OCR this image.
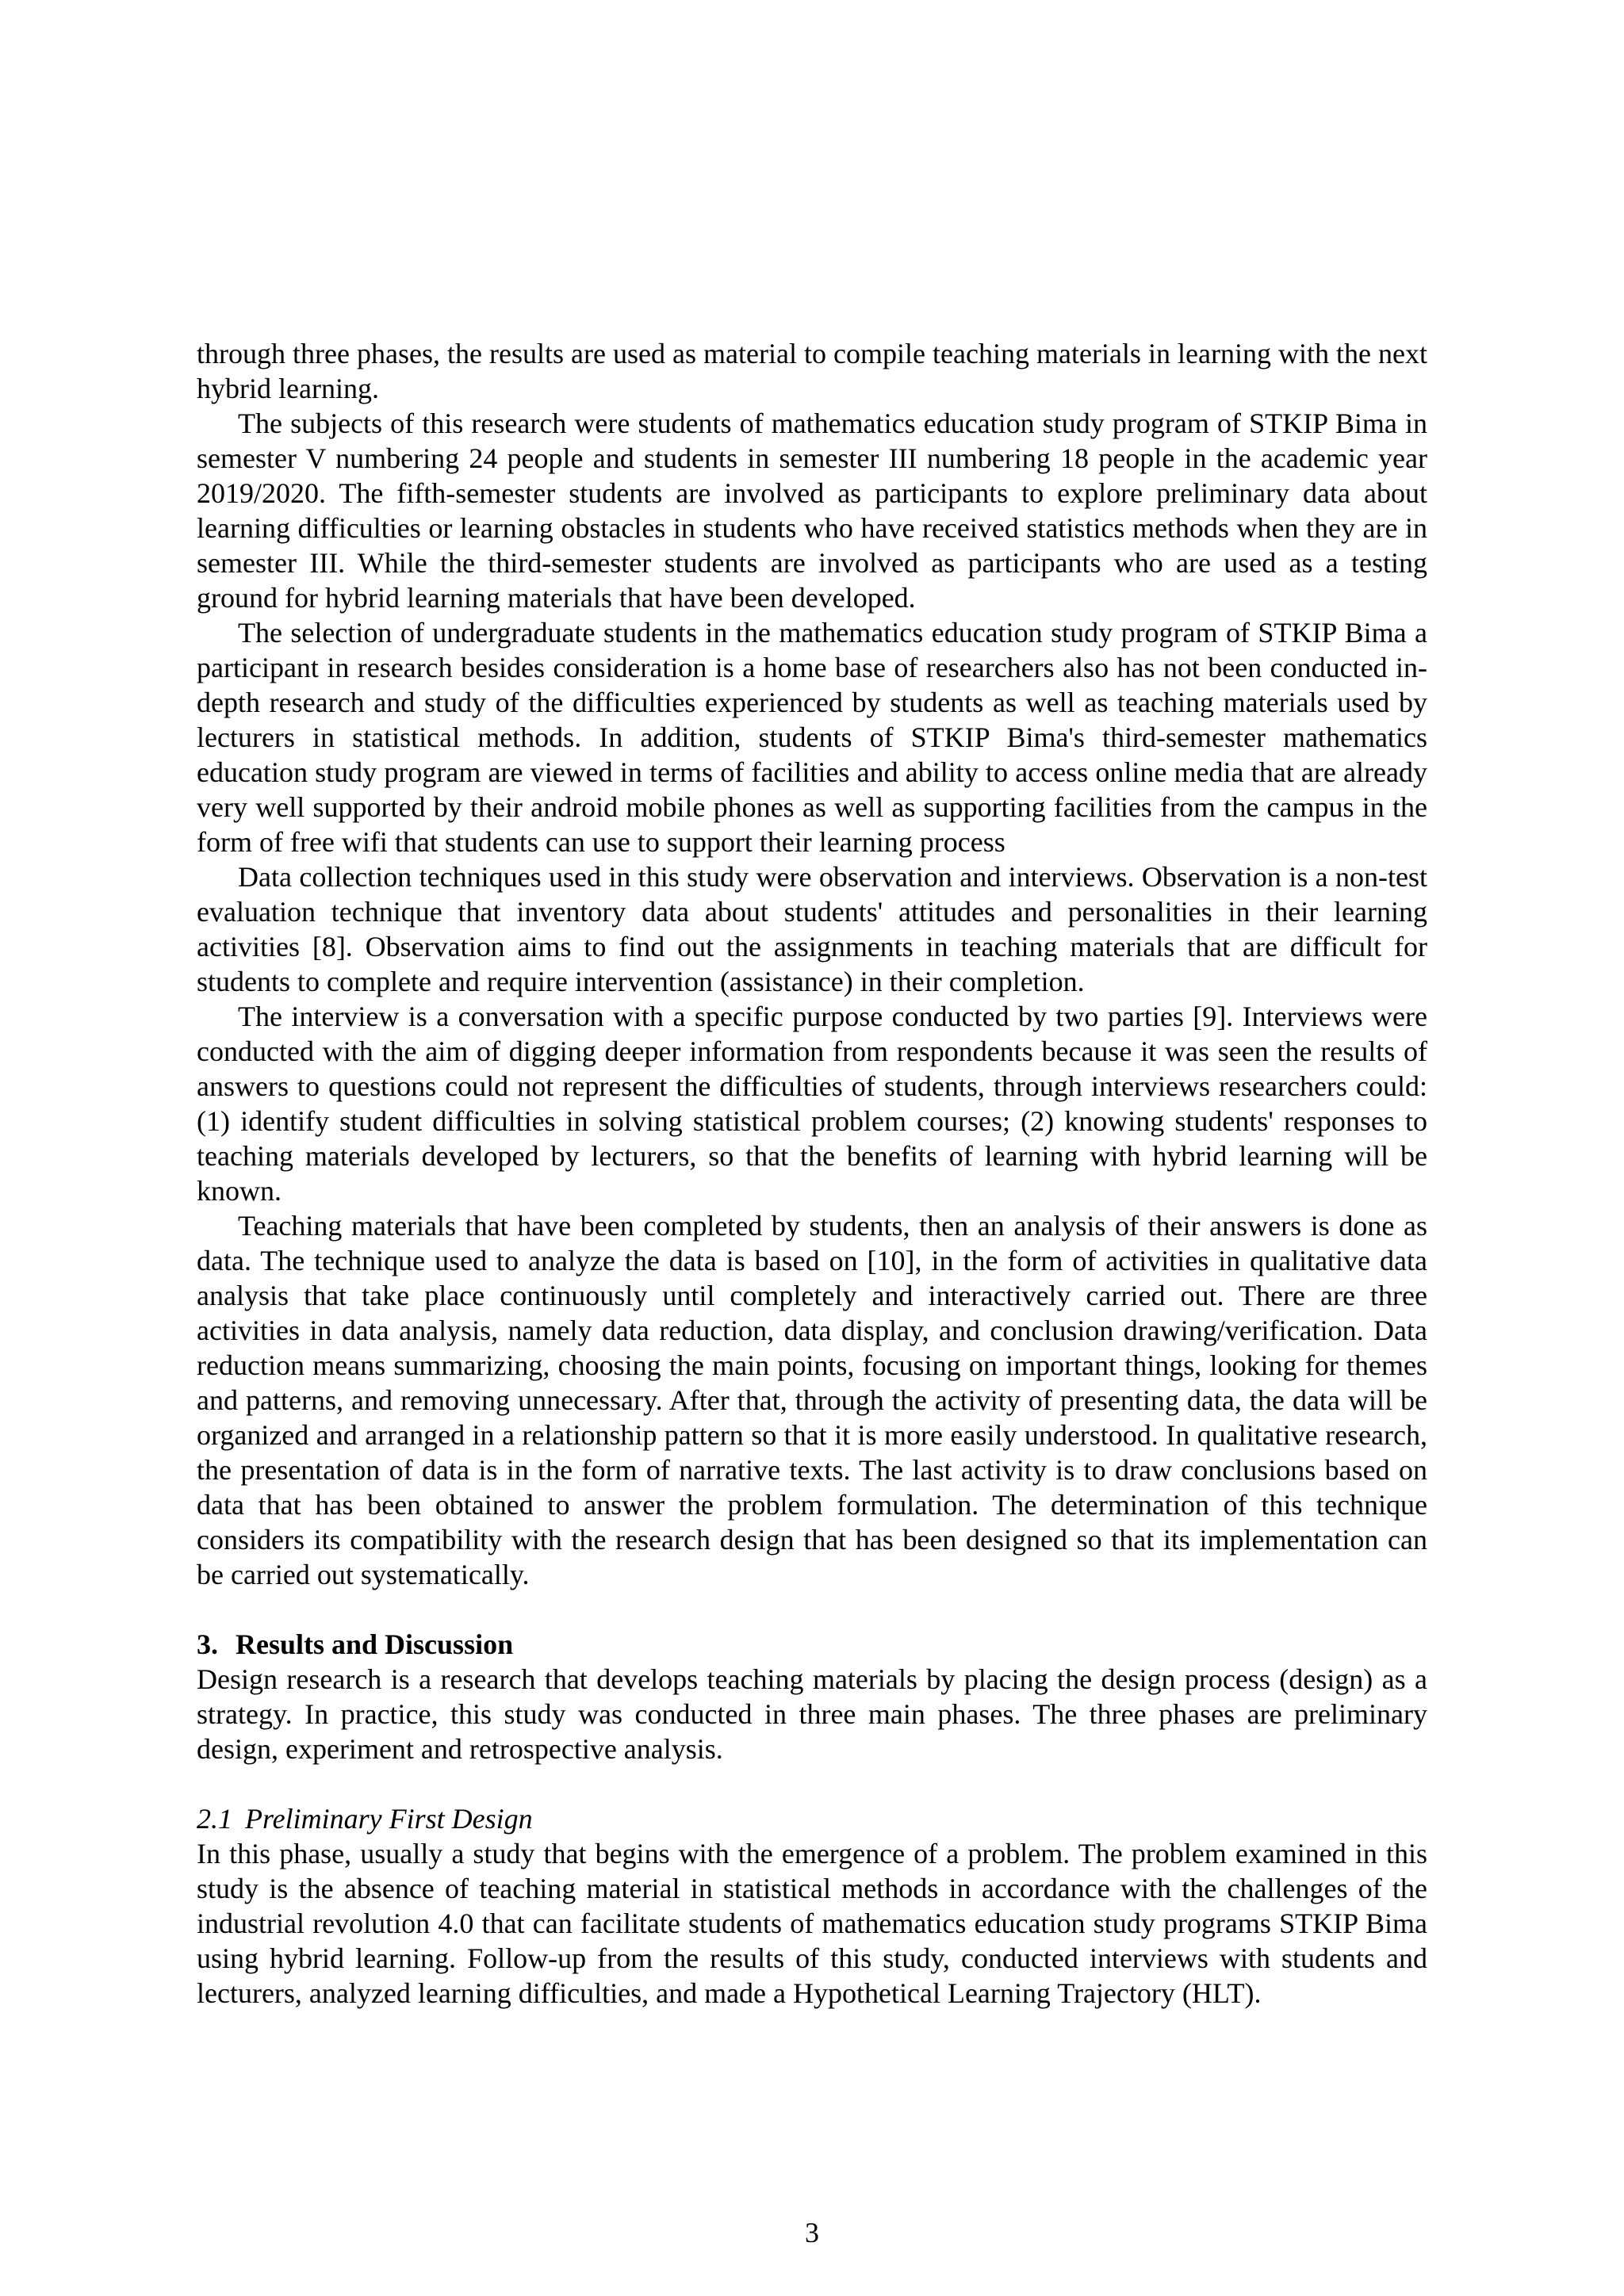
through three phases, the results are used as material to compile teaching materials in learning with the next hybrid learning.

The subjects of this research were students of mathematics education study program of STKIP Bima in semester V numbering 24 people and students in semester III numbering 18 people in the academic year 2019/2020. The fifth-semester students are involved as participants to explore preliminary data about learning difficulties or learning obstacles in students who have received statistics methods when they are in semester III. While the third-semester students are involved as participants who are used as a testing ground for hybrid learning materials that have been developed.

The selection of undergraduate students in the mathematics education study program of STKIP Bima a participant in research besides consideration is a home base of researchers also has not been conducted in-depth research and study of the difficulties experienced by students as well as teaching materials used by lecturers in statistical methods. In addition, students of STKIP Bima's third-semester mathematics education study program are viewed in terms of facilities and ability to access online media that are already very well supported by their android mobile phones as well as supporting facilities from the campus in the form of free wifi that students can use to support their learning process

Data collection techniques used in this study were observation and interviews. Observation is a non-test evaluation technique that inventory data about students' attitudes and personalities in their learning activities [8]. Observation aims to find out the assignments in teaching materials that are difficult for students to complete and require intervention (assistance) in their completion.

The interview is a conversation with a specific purpose conducted by two parties [9]. Interviews were conducted with the aim of digging deeper information from respondents because it was seen the results of answers to questions could not represent the difficulties of students, through interviews researchers could: (1) identify student difficulties in solving statistical problem courses; (2) knowing students' responses to teaching materials developed by lecturers, so that the benefits of learning with hybrid learning will be known.

Teaching materials that have been completed by students, then an analysis of their answers is done as data. The technique used to analyze the data is based on [10], in the form of activities in qualitative data analysis that take place continuously until completely and interactively carried out. There are three activities in data analysis, namely data reduction, data display, and conclusion drawing/verification. Data reduction means summarizing, choosing the main points, focusing on important things, looking for themes and patterns, and removing unnecessary. After that, through the activity of presenting data, the data will be organized and arranged in a relationship pattern so that it is more easily understood. In qualitative research, the presentation of data is in the form of narrative texts. The last activity is to draw conclusions based on data that has been obtained to answer the problem formulation. The determination of this technique considers its compatibility with the research design that has been designed so that its implementation can be carried out systematically.

3. Results and Discussion

Design research is a research that develops teaching materials by placing the design process (design) as a strategy. In practice, this study was conducted in three main phases. The three phases are preliminary design, experiment and retrospective analysis.

2.1 Preliminary First Design

In this phase, usually a study that begins with the emergence of a problem. The problem examined in this study is the absence of teaching material in statistical methods in accordance with the challenges of the industrial revolution 4.0 that can facilitate students of mathematics education study programs STKIP Bima using hybrid learning. Follow-up from the results of this study, conducted interviews with students and lecturers, analyzed learning difficulties, and made a Hypothetical Learning Trajectory (HLT).

3
